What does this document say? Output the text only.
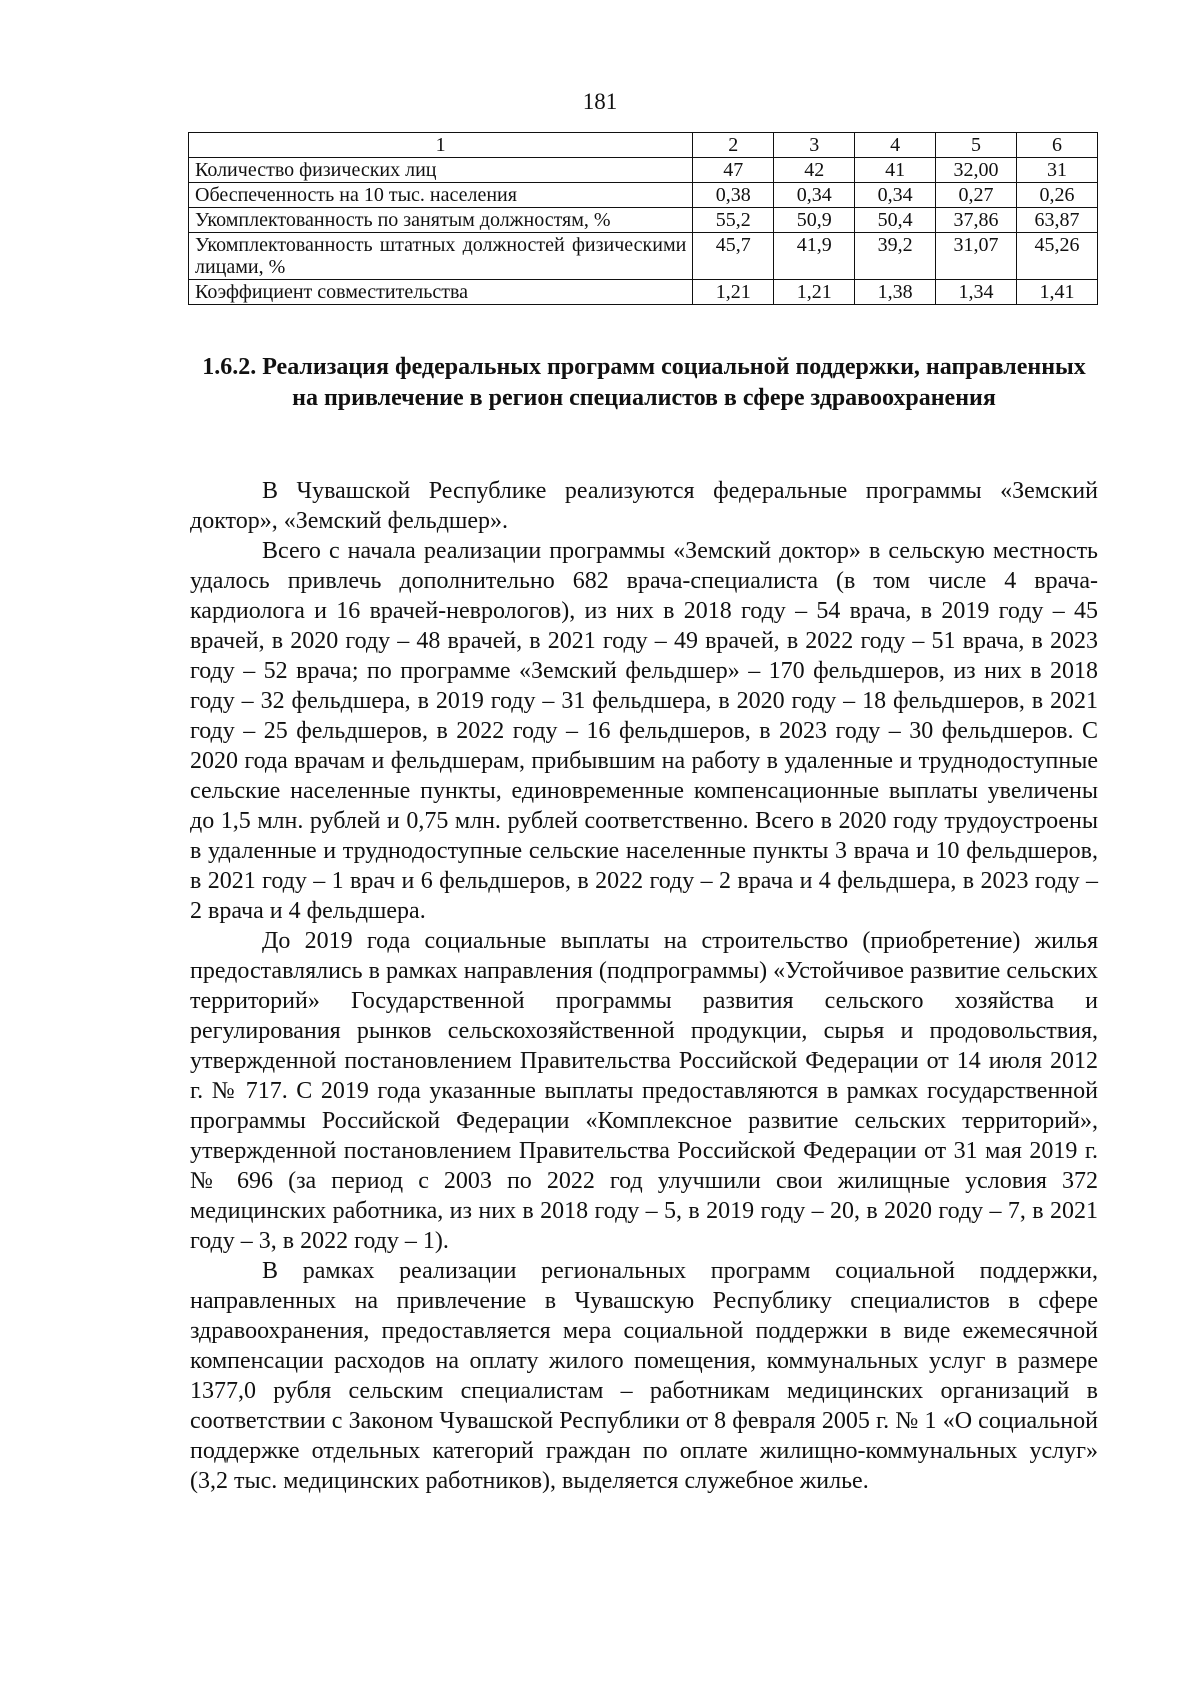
181
1	2	3	4	5	6
Количество физических лиц	47	42	41	32,00	31
Обеспеченность на 10 тыс. населения	0,38	0,34	0,34	0,27	0,26
Укомплектованность по занятым должностям, %	55,2	50,9	50,4	37,86	63,87
Укомплектованность штатных должностей физическими лицами, %	45,7	41,9	39,2	31,07	45,26
Коэффициент совместительства	1,21	1,21	1,38	1,34	1,41
1.6.2. Реализация федеральных программ социальной поддержки, направленных на привлечение в регион специалистов в сфере здравоохранения

В Чувашской Республике реализуются федеральные программы «Земский доктор», «Земский фельдшер».

Всего с начала реализации программы «Земский доктор» в сельскую местность удалось привлечь дополнительно 682 врача-специалиста (в том числе 4 врача-кардиолога и 16 врачей-неврологов), из них в 2018 году – 54 врача, в 2019 году – 45 врачей, в 2020 году – 48 врачей, в 2021 году – 49 врачей, в 2022 году – 51 врача, в 2023 году – 52 врача; по программе «Земский фельдшер» – 170 фельдшеров, из них в 2018 году – 32 фельдшера, в 2019 году – 31 фельдшера, в 2020 году – 18 фельдшеров, в 2021 году – 25 фельдшеров, в 2022 году – 16 фельдшеров, в 2023 году – 30 фельдшеров. С 2020 года врачам и фельдшерам, прибывшим на работу в удаленные и труднодоступные сельские населенные пункты, единовременные компенсационные выплаты увеличены до 1,5 млн. рублей и 0,75 млн. рублей соответственно. Всего в 2020 году трудоустроены в удаленные и труднодоступные сельские населенные пункты 3 врача и 10 фельдшеров, в 2021 году – 1 врач и 6 фельдшеров, в 2022 году – 2 врача и 4 фельдшера, в 2023 году – 2 врача и 4 фельдшера.

До 2019 года социальные выплаты на строительство (приобретение) жилья предоставлялись в рамках направления (подпрограммы) «Устойчивое развитие сельских территорий» Государственной программы развития сельского хозяйства и регулирования рынков сельскохозяйственной продукции, сырья и продовольствия, утвержденной постановлением Правительства Российской Федерации от 14 июля 2012 г. № 717. С 2019 года указанные выплаты предоставляются в рамках государственной программы Российской Федерации «Комплексное развитие сельских территорий», утвержденной постановлением Правительства Российской Федерации от 31 мая 2019 г. № 696 (за период с 2003 по 2022 год улучшили свои жилищные условия 372 медицинских работника, из них в 2018 году – 5, в 2019 году – 20, в 2020 году – 7, в 2021 году – 3, в 2022 году – 1).

В рамках реализации региональных программ социальной поддержки, направленных на привлечение в Чувашскую Республику специалистов в сфере здравоохранения, предоставляется мера социальной поддержки в виде ежемесячной компенсации расходов на оплату жилого помещения, коммунальных услуг в размере 1377,0 рубля сельским специалистам – работникам медицинских организаций в соответствии с Законом Чувашской Республики от 8 февраля 2005 г. № 1 «О социальной поддержке отдельных категорий граждан по оплате жилищно-коммунальных услуг» (3,2 тыс. медицинских работников), выделяется служебное жилье.
